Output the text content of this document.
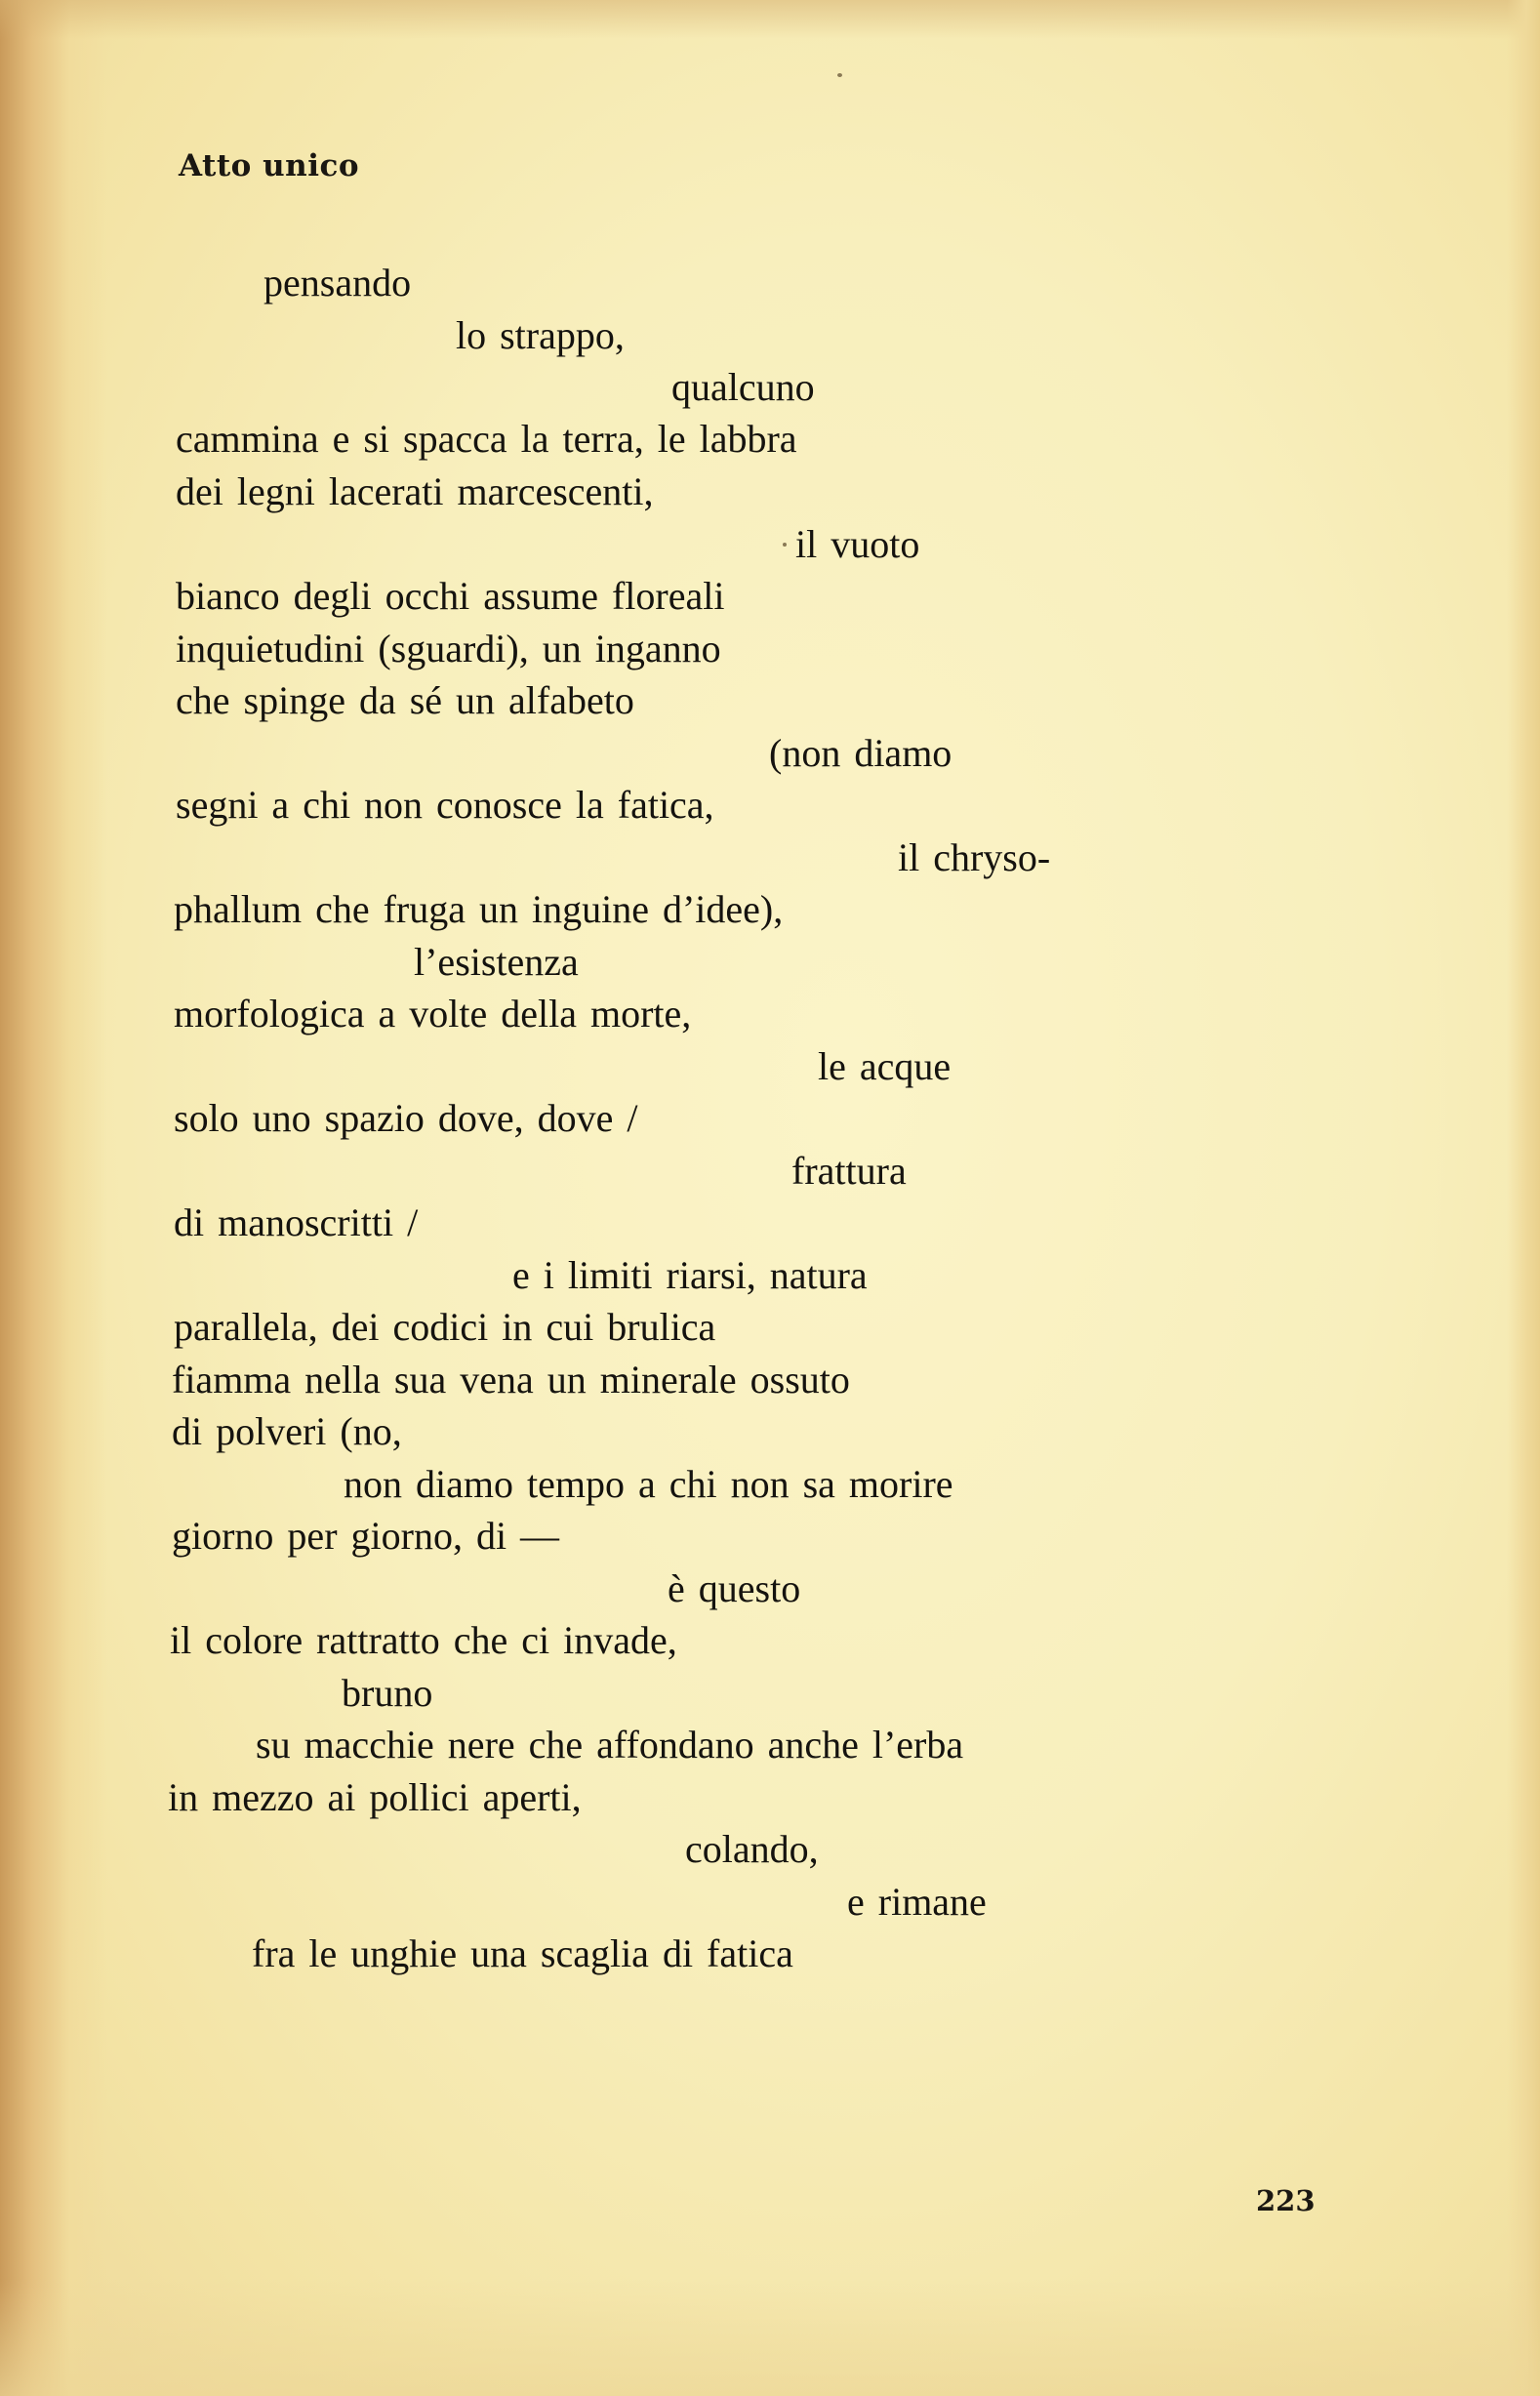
Atto unico
pensando
lo strappo,
qualcuno
cammina e si spacca la terra, le labbra
dei legni lacerati marcescenti,
il vuoto
bianco degli occhi assume floreali
inquietudini (sguardi), un inganno
che spinge da sé un alfabeto
(non diamo
segni a chi non conosce la fatica,
il chryso-
phallum che fruga un inguine d’idee),
l’esistenza
morfologica a volte della morte,
le acque
solo uno spazio dove, dove /
frattura
di manoscritti /
e i limiti riarsi, natura
parallela, dei codici in cui brulica
fiamma nella sua vena un minerale ossuto
di polveri (no,
non diamo tempo a chi non sa morire
giorno per giorno, di —
è questo
il colore rattratto che ci invade,
bruno
su macchie nere che affondano anche l’erba
in mezzo ai pollici aperti,
colando,
e rimane
fra le unghie una scaglia di fatica
223
